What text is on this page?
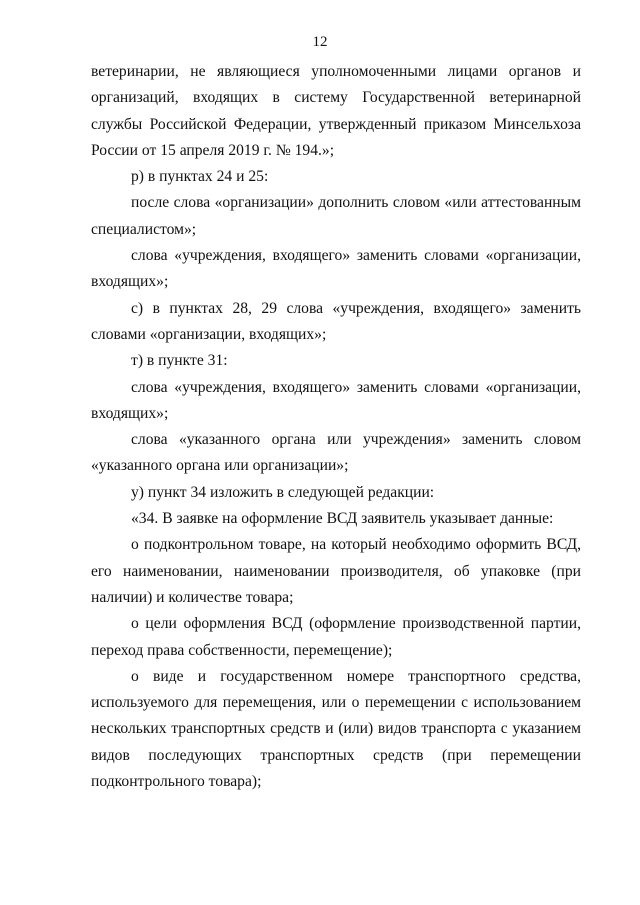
12

ветеринарии, не являющиеся уполномоченными лицами органов и организаций, входящих в систему Государственной ветеринарной службы Российской Федерации, утвержденный приказом Минсельхоза России от 15 апреля 2019 г. № 194.»;

р) в пунктах 24 и 25:

после слова «организации» дополнить словом «или аттестованным специалистом»;

слова «учреждения, входящего» заменить словами «организации, входящих»;

с) в пунктах 28, 29 слова «учреждения, входящего» заменить словами «организации, входящих»;

т) в пункте 31:

слова «учреждения, входящего» заменить словами «организации, входящих»;

слова «указанного органа или учреждения» заменить словом «указанного органа или организации»;

у) пункт 34 изложить в следующей редакции:

«34. В заявке на оформление ВСД заявитель указывает данные:

о подконтрольном товаре, на который необходимо оформить ВСД, его наименовании, наименовании производителя, об упаковке (при наличии) и количестве товара;

о цели оформления ВСД (оформление производственной партии, переход права собственности, перемещение);

о виде и государственном номере транспортного средства, используемого для перемещения, или о перемещении с использованием нескольких транспортных средств и (или) видов транспорта с указанием видов последующих транспортных средств (при перемещении подконтрольного товара);
